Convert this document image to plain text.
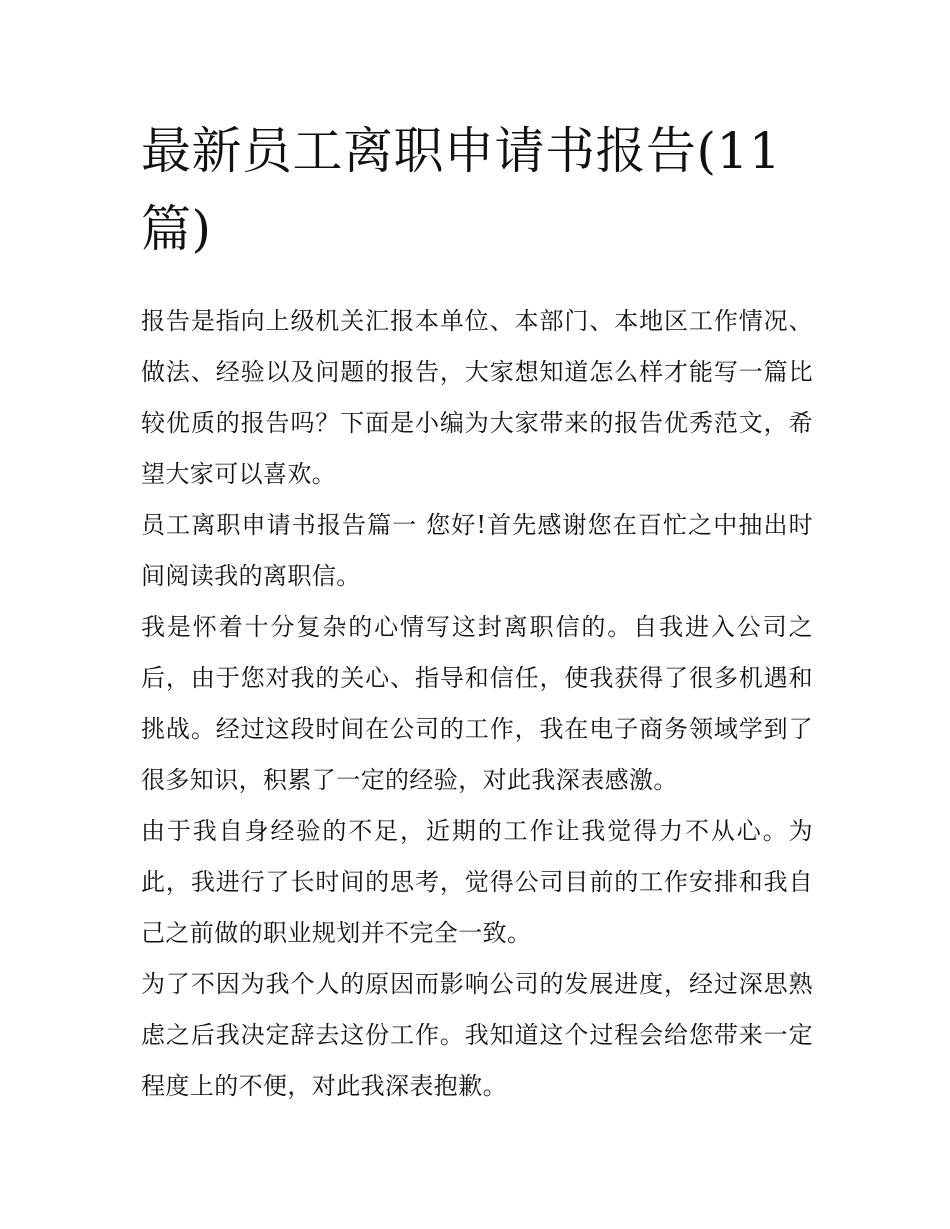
最新员工离职申请书报告(11篇)

报告是指向上级机关汇报本单位、本部门、本地区工作情况、做法、经验以及问题的报告，大家想知道怎么样才能写一篇比较优质的报告吗？下面是小编为大家带来的报告优秀范文，希望大家可以喜欢。

员工离职申请书报告篇一 您好!首先感谢您在百忙之中抽出时间阅读我的离职信。

我是怀着十分复杂的心情写这封离职信的。自我进入公司之后，由于您对我的关心、指导和信任，使我获得了很多机遇和挑战。经过这段时间在公司的工作，我在电子商务领域学到了很多知识，积累了一定的经验，对此我深表感激。

由于我自身经验的不足，近期的工作让我觉得力不从心。为此，我进行了长时间的思考，觉得公司目前的工作安排和我自己之前做的职业规划并不完全一致。

为了不因为我个人的原因而影响公司的发展进度，经过深思熟虑之后我决定辞去这份工作。我知道这个过程会给您带来一定程度上的不便，对此我深表抱歉。
